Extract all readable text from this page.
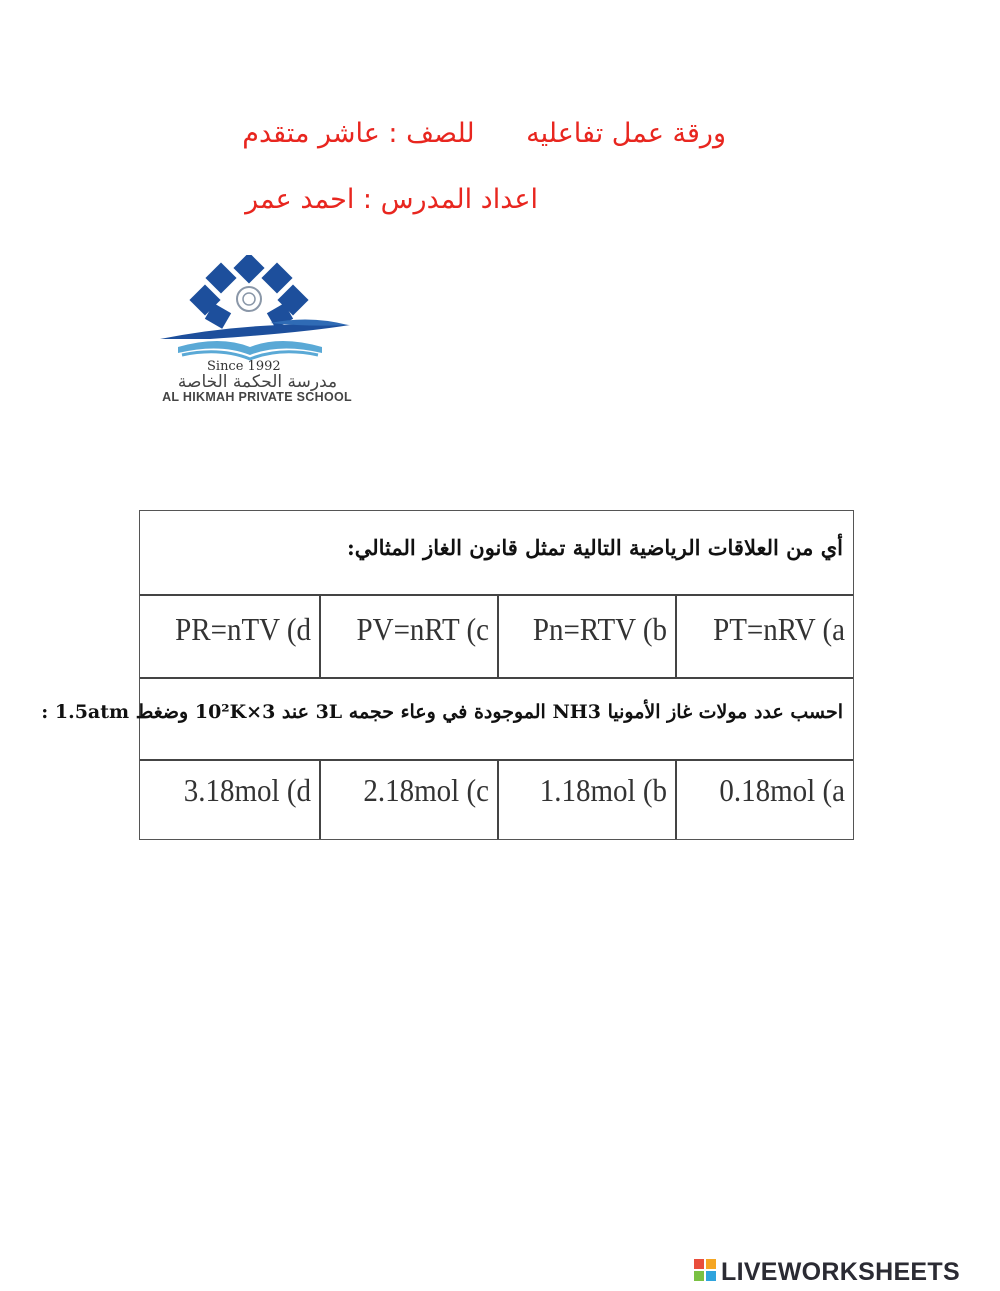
ورقة عمل تفاعليه      للصف : عاشر متقدم
اعداد المدرس : احمد عمر
Since 1992
مدرسة الحكمة الخاصة
AL HIKMAH PRIVATE SCHOOL
أي من العلاقات الرياضية التالية تمثل قانون الغاز المثالي:
PT=nRV (a
Pn=RTV (b
PV=nRT (c
PR=nTV (d
احسب عدد مولات غاز الأمونيا NH3 الموجودة في وعاء حجمه 3L عند 3×10²K وضغط 1.5atm :
0.18mol (a
1.18mol (b
2.18mol (c
3.18mol (d
LIVEWORKSHEETS
